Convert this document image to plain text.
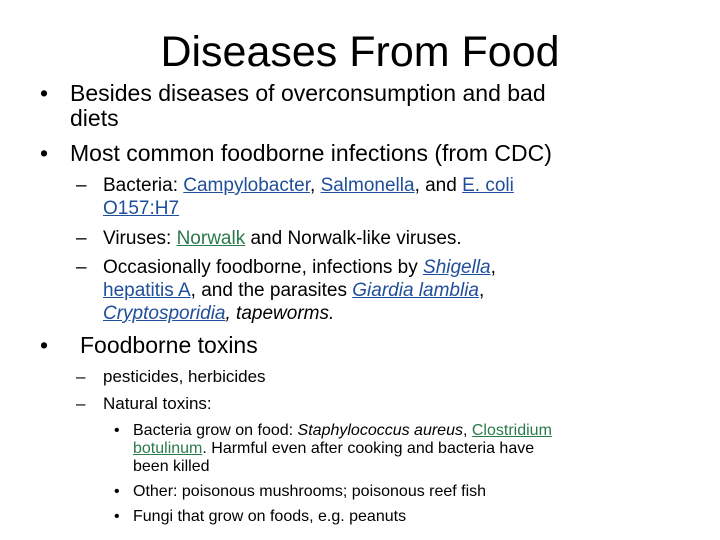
Diseases From Food
• Besides diseases of overconsumption and bad
diets
• Most common foodborne infections (from CDC)
– Bacteria: Campylobacter, Salmonella, and E. coli
O157:H7
– Viruses: Norwalk and Norwalk-like viruses.
– Occasionally foodborne, infections by Shigella,
hepatitis A, and the parasites Giardia lamblia,
Cryptosporidia, tapeworms.
• Foodborne toxins
– pesticides, herbicides
– Natural toxins:
• Bacteria grow on food: Staphylococcus aureus, Clostridium
botulinum. Harmful even after cooking and bacteria have
been killed
• Other: poisonous mushrooms; poisonous reef fish
• Fungi that grow on foods, e.g. peanuts
